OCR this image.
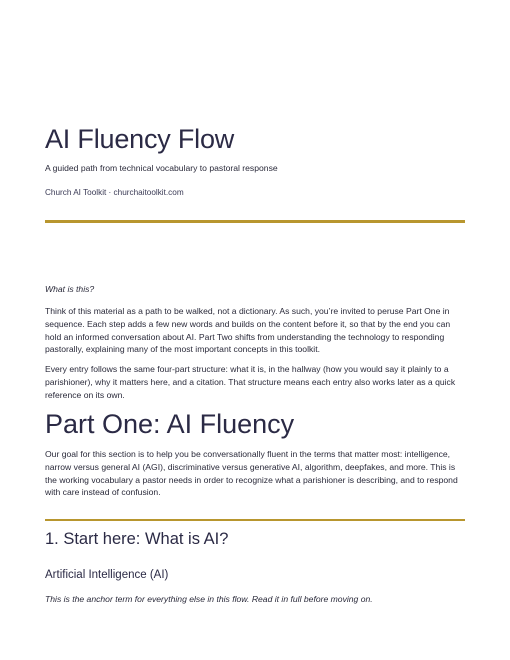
AI Fluency Flow

A guided path from technical vocabulary to pastoral response

Church AI Toolkit · churchaitoolkit.com

What is this?

Think of this material as a path to be walked, not a dictionary. As such, you’re invited to peruse Part One in sequence. Each step adds a few new words and builds on the content before it, so that by the end you can hold an informed conversation about AI. Part Two shifts from understanding the technology to responding pastorally, explaining many of the most important concepts in this toolkit.

Every entry follows the same four-part structure: what it is, in the hallway (how you would say it plainly to a parishioner), why it matters here, and a citation. That structure means each entry also works later as a quick reference on its own.

Part One: AI Fluency

Our goal for this section is to help you be conversationally fluent in the terms that matter most: intelligence, narrow versus general AI (AGI), discriminative versus generative AI, algorithm, deepfakes, and more. This is the working vocabulary a pastor needs in order to recognize what a parishioner is describing, and to respond with care instead of confusion.

1. Start here: What is AI?
Artificial Intelligence (AI)

This is the anchor term for everything else in this flow. Read it in full before moving on.
